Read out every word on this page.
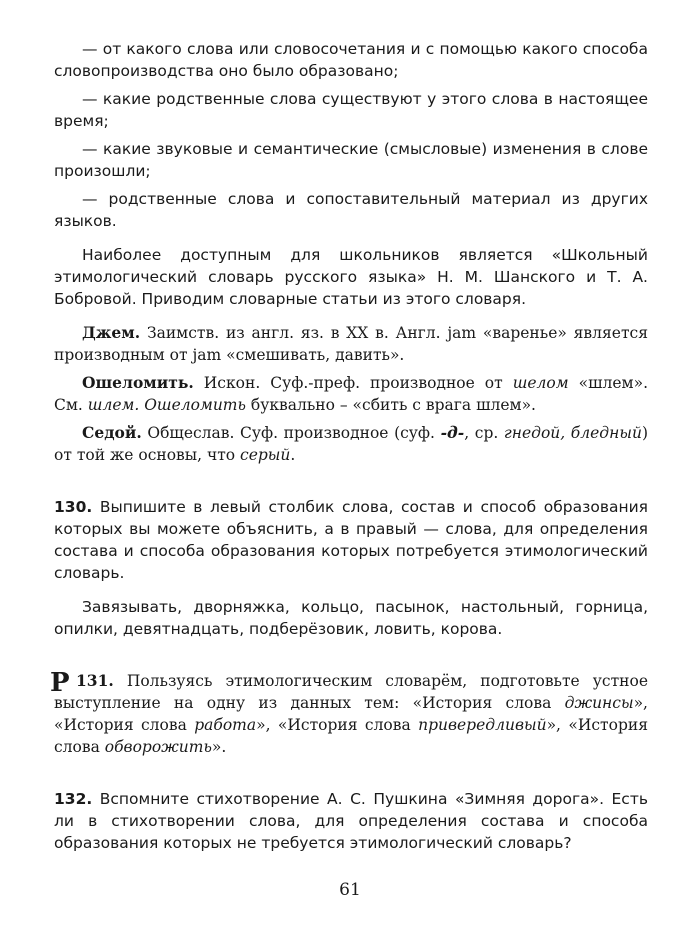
— от какого слова или словосочетания и с помощью какого способа словопроизводства оно было образовано;

— какие родственные слова существуют у этого слова в настоящее время;

— какие звуковые и семантические (смысловые) изменения в слове произошли;

— родственные слова и сопоставительный материал из других языков.

Наиболее доступным для школьников является «Школьный этимологический словарь русского языка» Н. М. Шанского и Т. А. Бобровой. Приводим словарные статьи из этого словаря.

Джем. Заимств. из англ. яз. в XX в. Англ. jam «варенье» является производным от jam «смешивать, давить».

Ошеломить. Искон. Суф.-преф. производное от шелом «шлем». См. шлем. Ошеломить буквально – «сбить с врага шлем».

Седой. Общеслав. Суф. производное (суф. -д-, ср. гнедой, бледный) от той же основы, что серый.

130. Выпишите в левый столбик слова, состав и способ образования которых вы можете объяснить, а в правый — слова, для определения состава и способа образования которых потребуется этимологический словарь.

Завязывать, дворняжка, кольцо, пасынок, настольный, горница, опилки, девятнадцать, подберёзовик, ловить, корова.

Р 131. Пользуясь этимологическим словарём, подготовьте устное выступление на одну из данных тем: «История слова джинсы», «История слова работа», «История слова привередливый», «История слова обворожить».

132. Вспомните стихотворение А. С. Пушкина «Зимняя дорога». Есть ли в стихотворении слова, для определения состава и способа образования которых не требуется этимологический словарь?

61
